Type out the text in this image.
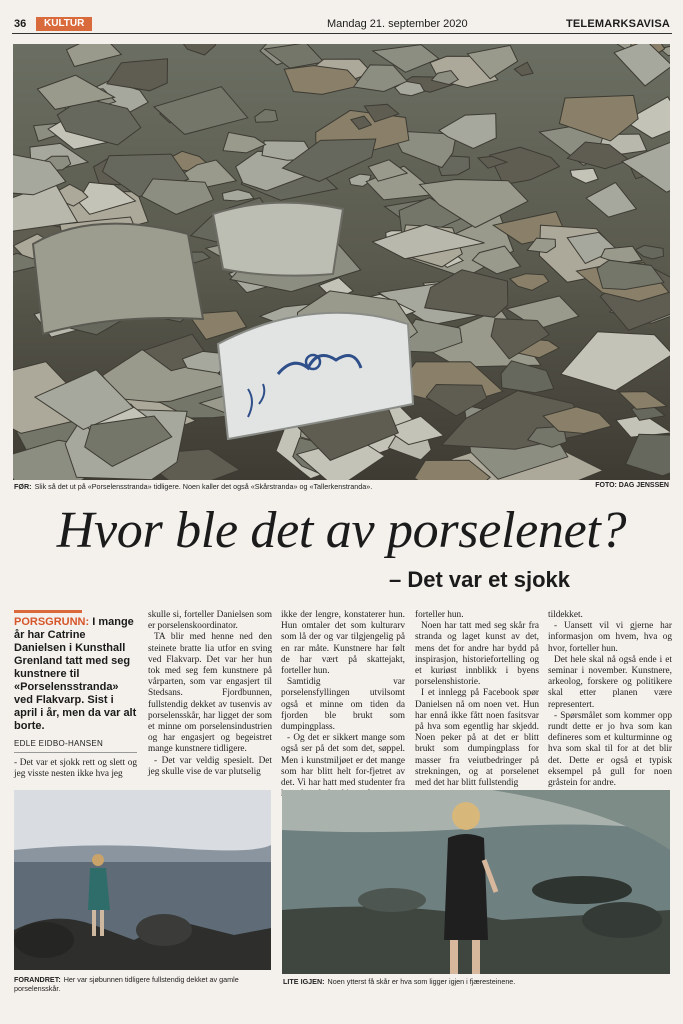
36	KULTUR	Mandag 21. september 2020	TELEMARKSAVISA
FØR: Slik så det ut på «Porselensstranda» tidligere. Noen kaller det også «Skårstranda» og «Tallerkenstranda».	FOTO: DAG JENSSEN
Hvor ble det av porselenet?
– Det var et sjokk
PORSGRUNN: I mange år har Catrine Danielsen i Kunsthall Grenland tatt med seg kunstnere til «Porselensstranda» ved Flakvarp. Sist i april i år, men da var alt borte.
EDLE EIDBO-HANSEN

- Det var et sjokk rett og slett og jeg visste nesten ikke hva jeg

skulle si, forteller Danielsen som er porselenskoordinator.

TA blir med henne ned den steinete bratte lia utfor en sving ved Flakvarp. Det var her hun tok med seg fem kunstnere på vårparten, som var engasjert til Stedsans. Fjordbunnen, fullstendig dekket av tusenvis av porselensskår, har ligget der som et minne om porselensindustrien og har engasjert og begeistret mange kunstnere tidligere.

- Det var veldig spesielt. Det jeg skulle vise de var plutselig

ikke der lengre, konstaterer hun. Hun omtaler det som kulturarv som lå der og var tilgjengelig på en rar måte. Kunstnere har følt de har vært på skattejakt, forteller hun.

Samtidig var porselensfyllingen utvilsomt også et minne om tiden da fjorden ble brukt som dumpingplass.

- Og det er sikkert mange som også ser på det som det, søppel. Men i kunstmiljøet er det mange som har blitt helt for-fjetret av det. Vi har hatt med studenter fra

forteller hun.

Noen har tatt med seg skår fra stranda og laget kunst av det, mens det for andre har bydd på inspirasjon, historiefortelling og et kuriøst innblikk i byens porselenshistorie.

I et innlegg på Facebook spør Danielsen nå om noen vet. Hun har ennå ikke fått noen fasitsvar på hva som egentlig har skjedd. Noen peker på at det er blitt brukt som dumpingplass for masser fra veiutbedringer på strekningen, og at porselenet med det har blitt fullstendig

tildekket.

- Uansett vil vi gjerne har informasjon om hvem, hva og hvor, forteller hun.

Det hele skal nå også ende i et seminar i november. Kunstnere, arkeolog, forskere og politikere skal etter planen være representert.

- Spørsmålet som kommer opp rundt dette er jo hva som kan defineres som et kulturminne og hva som skal til for at det blir det. Dette er også et typisk eksempel på gull for noen gråstein for andre.

FORANDRET: Her var sjøbunnen tidligere fullstendig dekket av gamle porselensskår.
LITE IGJEN: Noen ytterst få skår er hva som ligger igjen i fjæresteinene.
